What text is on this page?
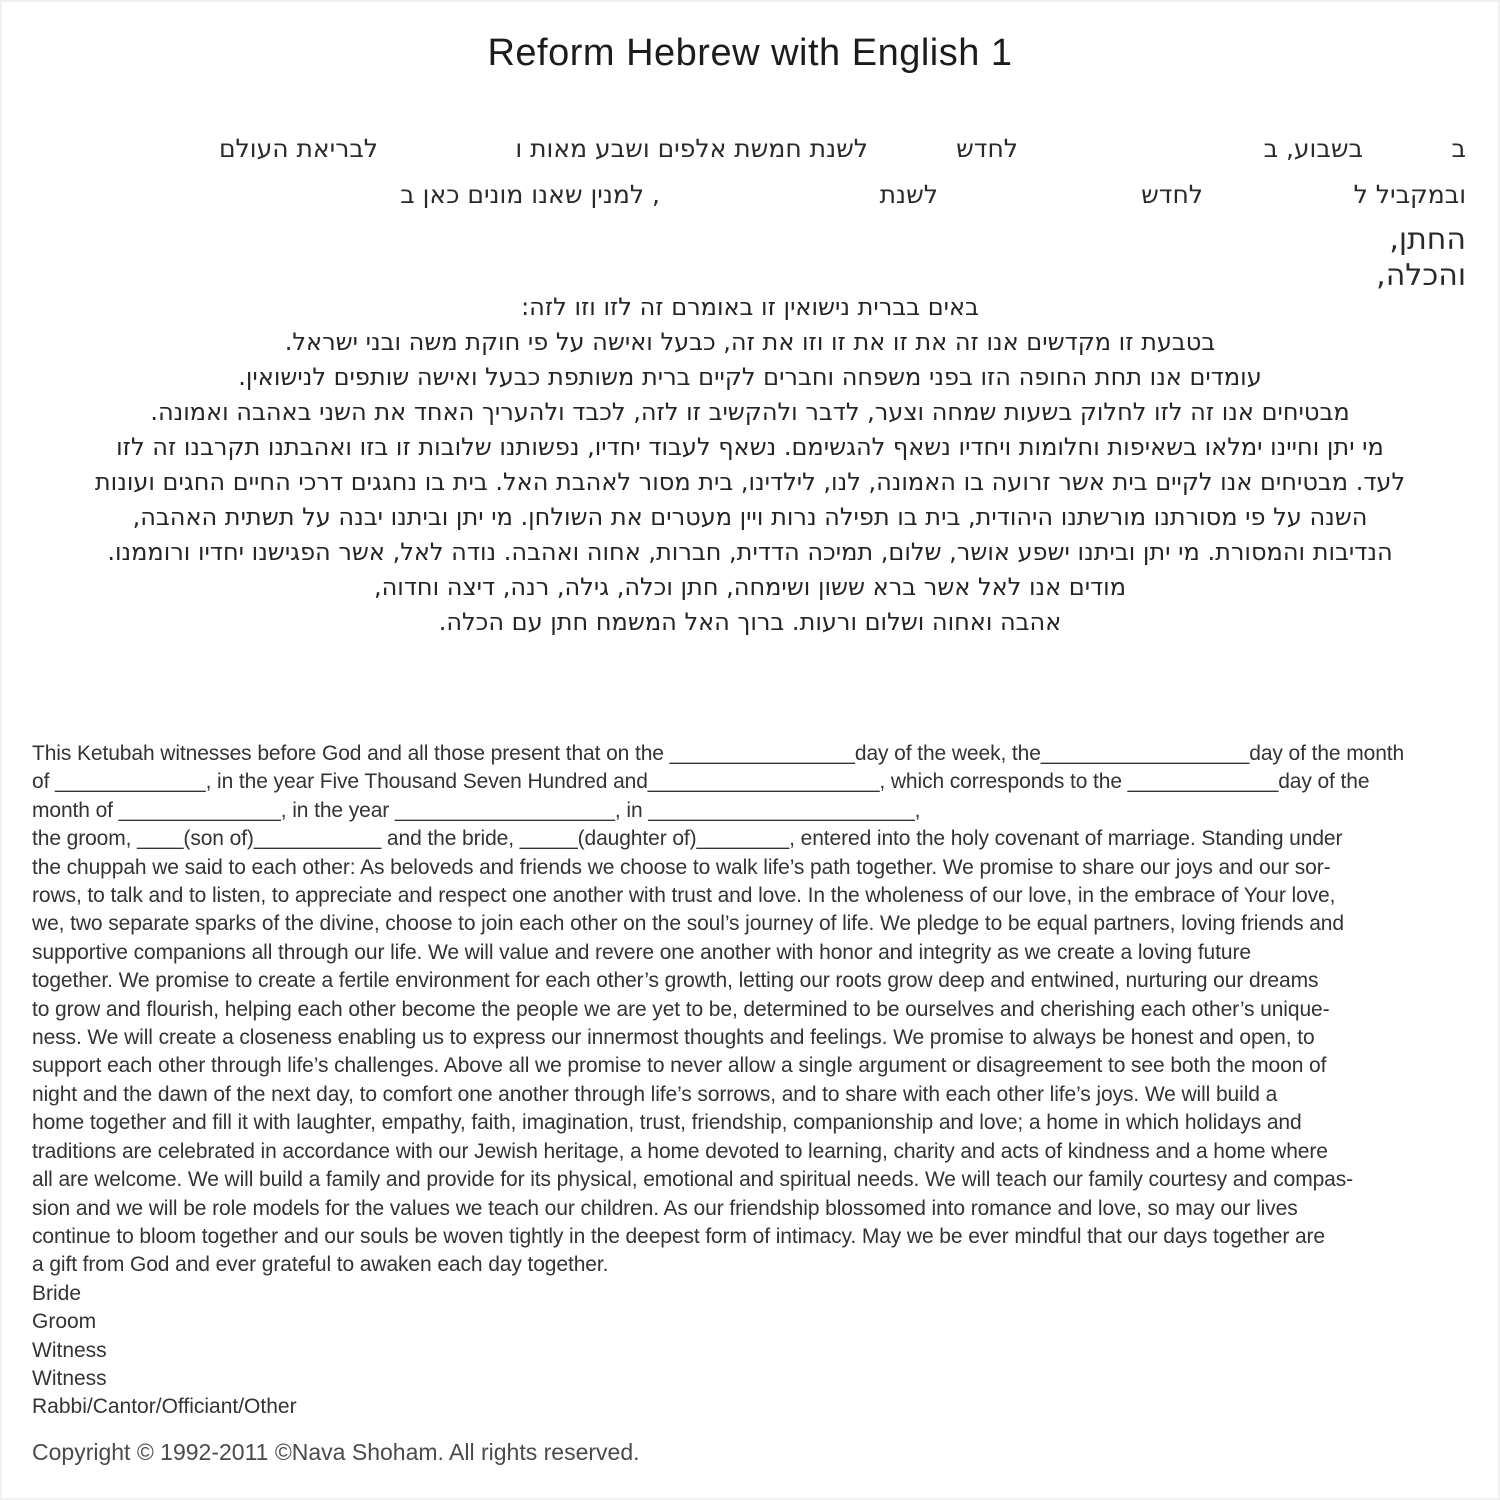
Reform Hebrew with English 1
ב
בשבוע, ב
לחדש
לשנת חמשת אלפים ושבע מאות ו
לבריאת העולם
ובמקביל ל
לחדש
לשנת
, למנין שאנו מונים כאן ב
החתן,
והכלה,
באים בברית נישואין זו באומרם זה לזו וזו לזה:
בטבעת זו מקדשים אנו זה את זו את זו וזו את זה, כבעל ואישה על פי חוקת משה ובני ישראל.
עומדים אנו תחת החופה הזו בפני משפחה וחברים לקיים ברית משותפת כבעל ואישה שותפים לנישואין.
מבטיחים אנו זה לזו לחלוק בשעות שמחה וצער, לדבר ולהקשיב זו לזה, לכבד ולהעריך האחד את השני באהבה ואמונה.
מי יתן וחיינו ימלאו בשאיפות וחלומות ויחדיו נשאף להגשימם. נשאף לעבוד יחדיו, נפשותנו שלובות זו בזו ואהבתנו תקרבנו זה לזו
לעד. מבטיחים אנו לקיים בית אשר זרועה בו האמונה, לנו, לילדינו, בית מסור לאהבת האל. בית בו נחגגים דרכי החיים החגים ועונות
השנה על פי מסורתנו מורשתנו היהודית, בית בו תפילה נרות ויין מעטרים את השולחן. מי יתן וביתנו יבנה על תשתית האהבה,
הנדיבות והמסורת. מי יתן וביתנו ישפע אושר, שלום, תמיכה הדדית, חברות, אחוה ואהבה. נודה לאל, אשר הפגישנו יחדיו ורוממנו.
מודים אנו לאל אשר ברא ששון ושימחה, חתן וכלה, גילה, רנה, דיצה וחדוה,
אהבה ואחוה ושלום ורעות. ברוך האל המשמח חתן עם הכלה.
This Ketubah witnesses before God and all those present that on the ________________day of the week, the__________________day of the month
of _____________, in the year Five Thousand Seven Hundred and____________________, which corresponds to the _____________day of the
month of ______________, in the year ___________________, in _______________________,
the groom, ____(son of)___________ and the bride, _____(daughter of)________, entered into the holy covenant of marriage. Standing under
the chuppah we said to each other: As beloveds and friends we choose to walk life’s path together. We promise to share our joys and our sor-
rows, to talk and to listen, to appreciate and respect one another with trust and love. In the wholeness of our love, in the embrace of Your love,
we, two separate sparks of the divine, choose to join each other on the soul’s journey of life. We pledge to be equal partners, loving friends and
supportive companions all through our life. We will value and revere one another with honor and integrity as we create a loving future
together. We promise to create a fertile environment for each other’s growth, letting our roots grow deep and entwined, nurturing our dreams
to grow and flourish, helping each other become the people we are yet to be, determined to be ourselves and cherishing each other’s unique-
ness. We will create a closeness enabling us to express our innermost thoughts and feelings. We promise to always be honest and open, to
support each other through life’s challenges. Above all we promise to never allow a single argument or disagreement to see both the moon of
night and the dawn of the next day, to comfort one another through life’s sorrows, and to share with each other life’s joys. We will build a
home together and fill it with laughter, empathy, faith, imagination, trust, friendship, companionship and love; a home in which holidays and
traditions are celebrated in accordance with our Jewish heritage, a home devoted to learning, charity and acts of kindness and a home where
all are welcome. We will build a family and provide for its physical, emotional and spiritual needs. We will teach our family courtesy and compas-
sion and we will be role models for the values we teach our children. As our friendship blossomed into romance and love, so may our lives
continue to bloom together and our souls be woven tightly in the deepest form of intimacy. May we be ever mindful that our days together are
a gift from God and ever grateful to awaken each day together.
Bride
Groom
Witness
Witness
Rabbi/Cantor/Officiant/Other
Copyright © 1992-2011 ©Nava Shoham. All rights reserved.
